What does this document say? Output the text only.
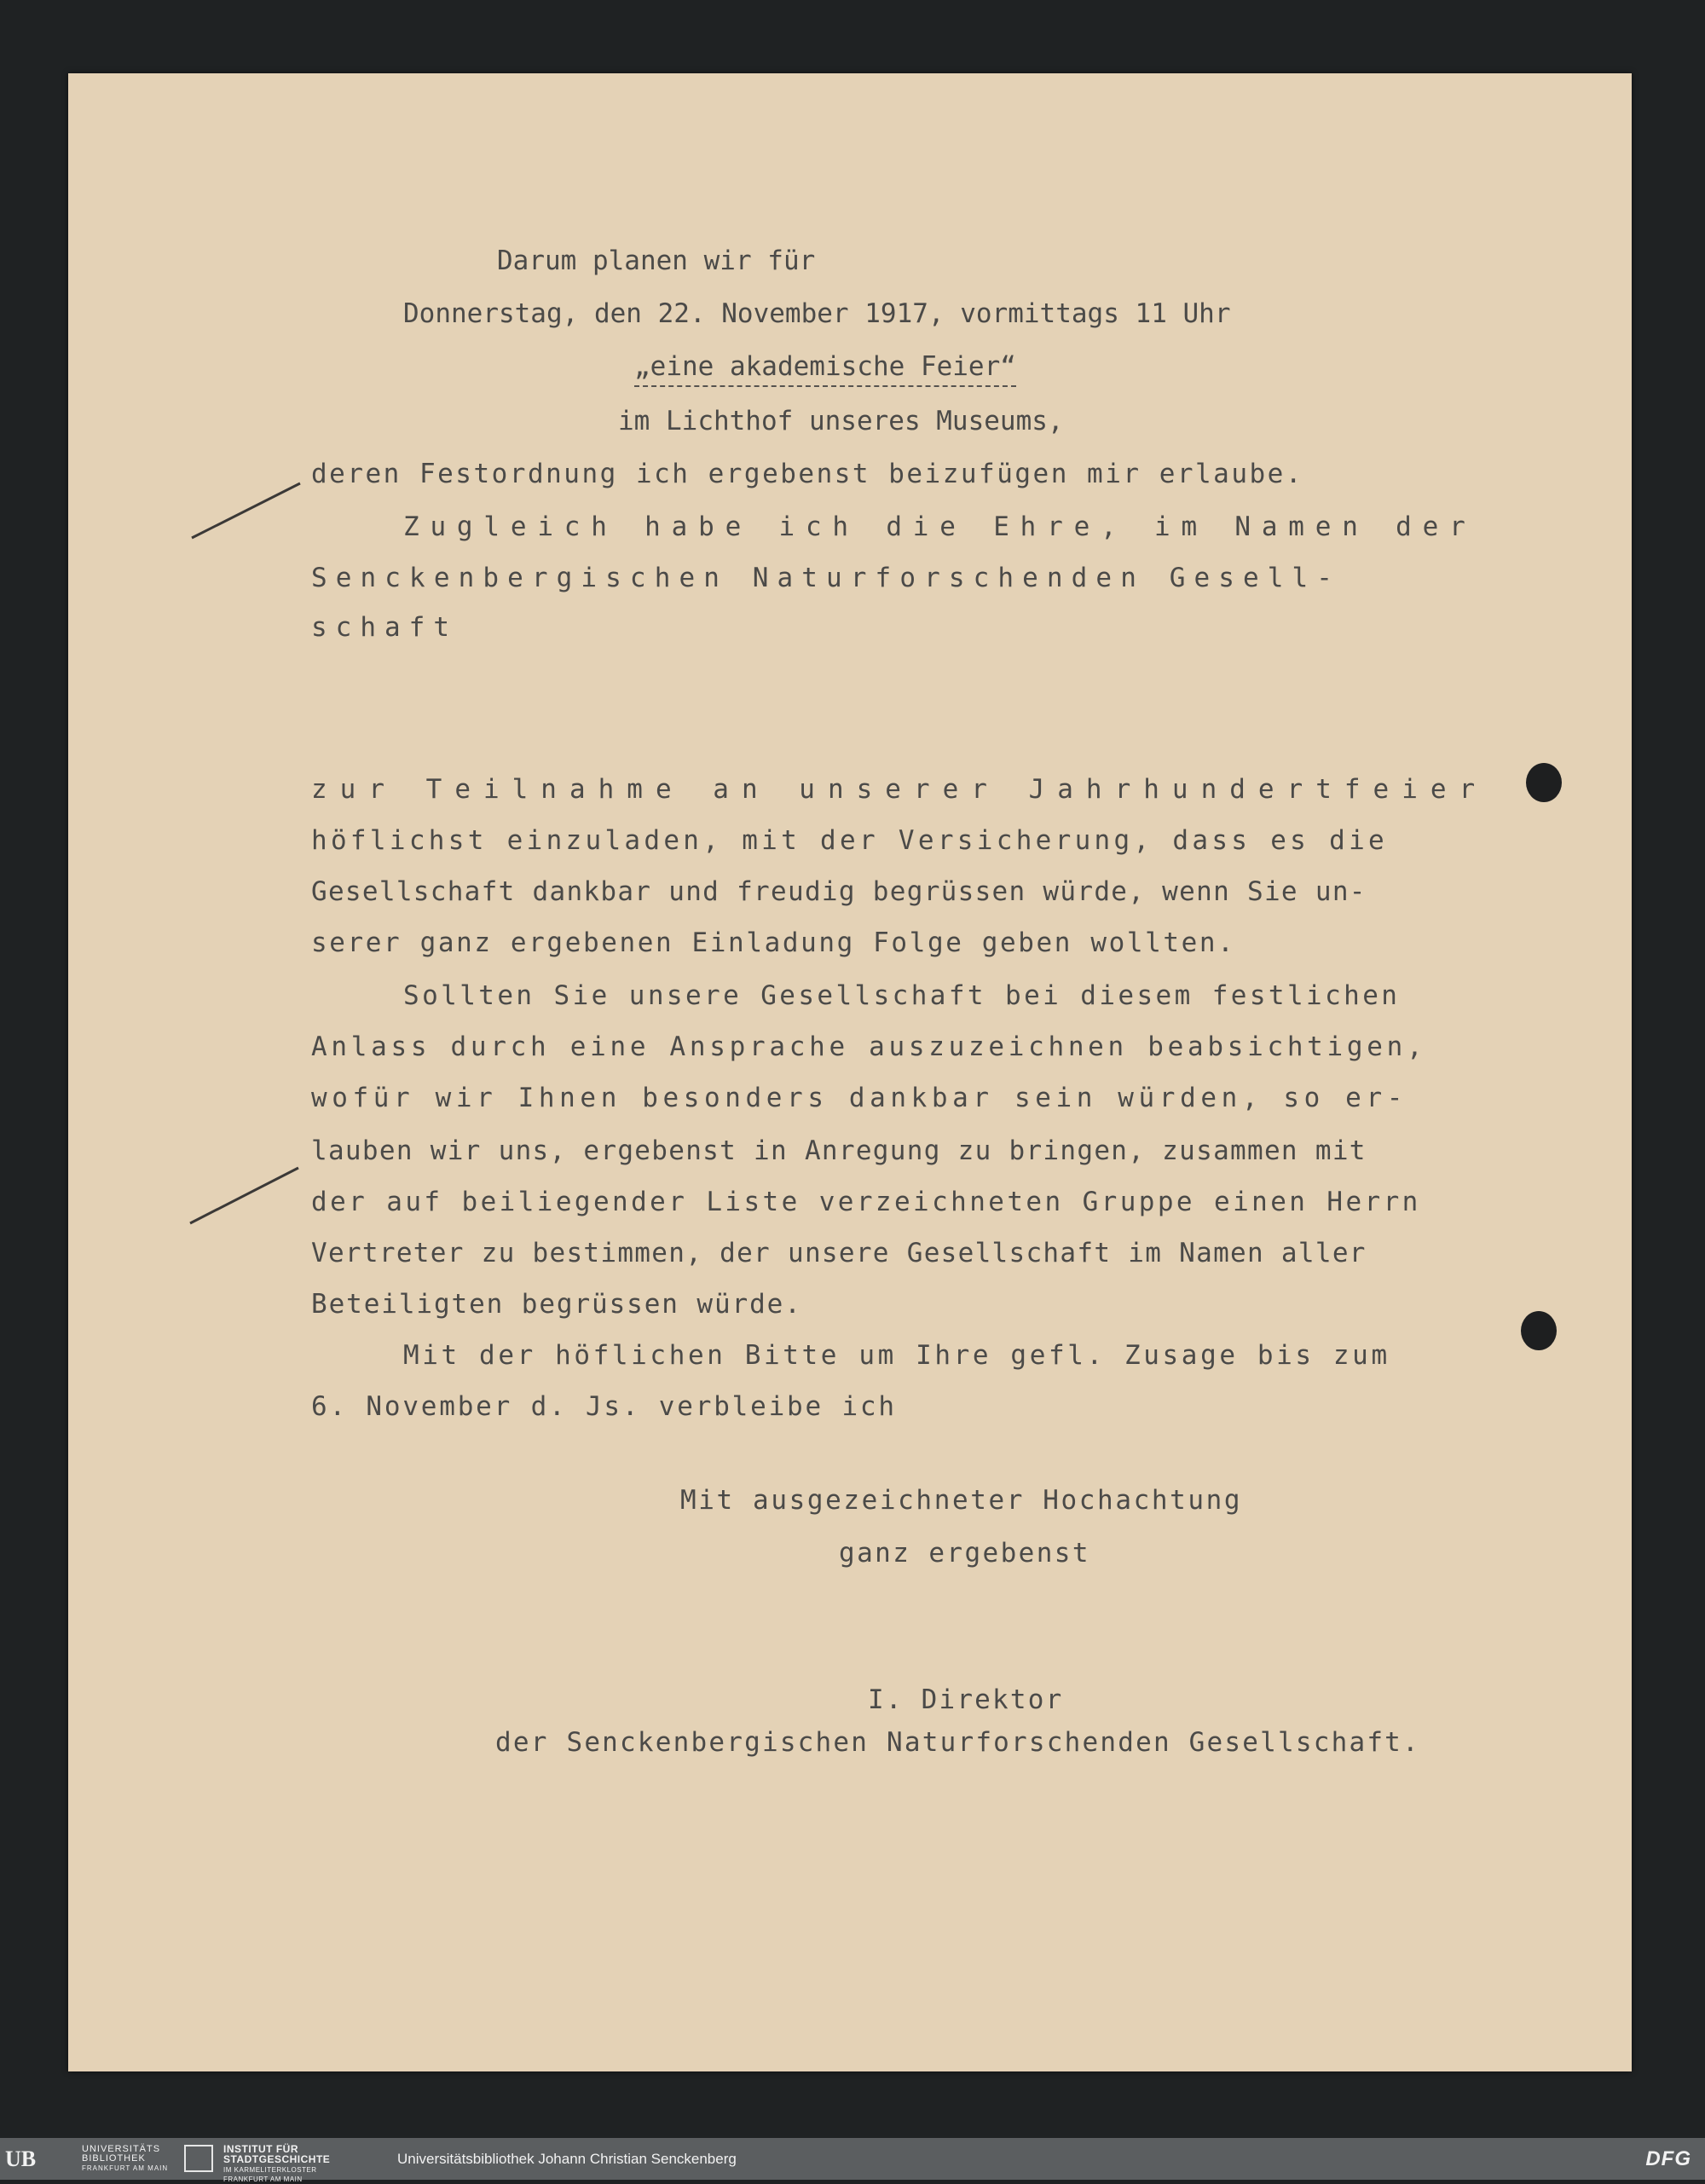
Darum planen wir für
Donnerstag, den 22. November 1917, vormittags 11 Uhr
„eine akademische Feier“
im Lichthof unseres Museums,
deren Festordnung ich ergebenst beizufügen mir erlaube.
Zugleich habe ich die Ehre, im Namen der
Senckenbergischen Naturforschenden Gesell-
schaft
zur Teilnahme an unserer Jahrhundertfeier
höflichst einzuladen, mit der Versicherung, dass es die
Gesellschaft dankbar und freudig begrüssen würde, wenn Sie un-
serer ganz ergebenen Einladung Folge geben wollten.
Sollten Sie unsere Gesellschaft bei diesem festlichen
Anlass durch eine Ansprache auszuzeichnen beabsichtigen,
wofür wir Ihnen besonders dankbar sein würden, so er-
lauben wir uns, ergebenst in Anregung zu bringen, zusammen mit
der auf beiliegender Liste verzeichneten Gruppe einen Herrn
Vertreter zu bestimmen, der unsere Gesellschaft im Namen aller
Beteiligten begrüssen würde.
Mit der höflichen Bitte um Ihre gefl. Zusage bis zum
6. November d. Js. verbleibe ich
Mit ausgezeichneter Hochachtung
ganz ergebenst
I. Direktor
der Senckenbergischen Naturforschenden Gesellschaft.
UB	UNIVERSITÄTS
BIBLIOTHEK
FRANKFURT AM MAIN
INSTITUT FÜR
STADTGESCHICHTE
IM KARMELITERKLOSTER
FRANKFURT AM MAIN
Universitätsbibliothek Johann Christian Senckenberg	DFG
